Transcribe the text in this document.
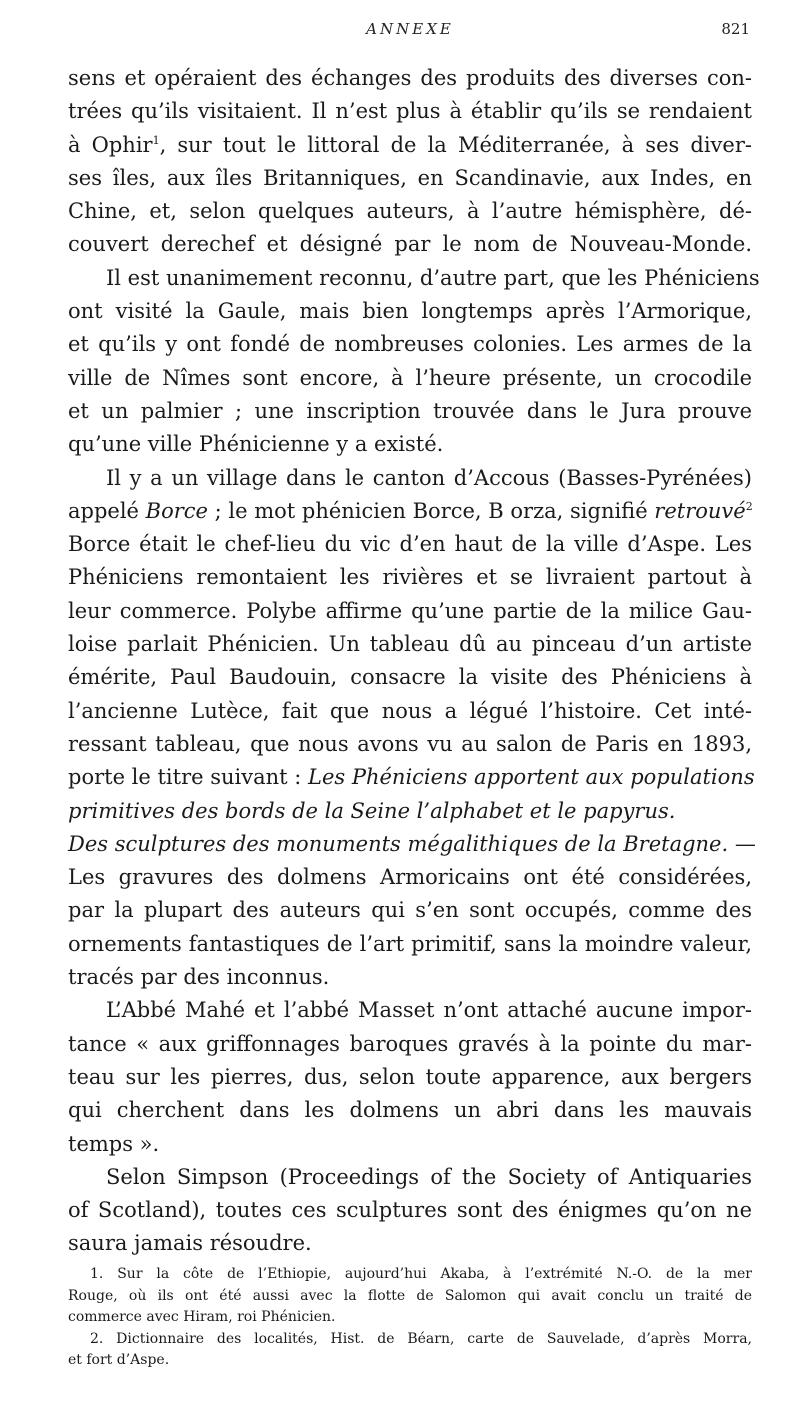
ANNEXE	821
sens et opéraient des échanges des produits des diverses con-
trées qu’ils visitaient. Il n’est plus à établir qu’ils se rendaient
à Ophir$^1$, sur tout le littoral de la Méditerranée, à ses diver-
ses îles, aux îles Britanniques, en Scandinavie, aux Indes, en
Chine, et, selon quelques auteurs, à l’autre hémisphère, dé-
couvert derechef et désigné par le nom de Nouveau-Monde.
Il est unanimement reconnu, d’autre part, que les Phéniciens
ont visité la Gaule, mais bien longtemps après l’Armorique,
et qu’ils y ont fondé de nombreuses colonies. Les armes de la
ville de Nîmes sont encore, à l’heure présente, un crocodile
et un palmier ; une inscription trouvée dans le Jura prouve
qu’une ville Phénicienne y a existé.
Il y a un village dans le canton d’Accous (Basses-Pyrénées)
appelé Borce ; le mot phénicien Borce, B orza, signifié retrouvé$^2$
Borce était le chef-lieu du vic d’en haut de la ville d’Aspe. Les
Phéniciens remontaient les rivières et se livraient partout à
leur commerce. Polybe affirme qu’une partie de la milice Gau-
loise parlait Phénicien. Un tableau dû au pinceau d’un artiste
émérite, Paul Baudouin, consacre la visite des Phéniciens à
l’ancienne Lutèce, fait que nous a légué l’histoire. Cet inté-
ressant tableau, que nous avons vu au salon de Paris en 1893,
porte le titre suivant : Les Phéniciens apportent aux populations
primitives des bords de la Seine l’alphabet et le papyrus.
Des sculptures des monuments mégalithiques de la Bretagne. —
Les gravures des dolmens Armoricains ont été considérées,
par la plupart des auteurs qui s’en sont occupés, comme des
ornements fantastiques de l’art primitif, sans la moindre valeur,
tracés par des inconnus.
L’Abbé Mahé et l’abbé Masset n’ont attaché aucune impor-
tance « aux griffonnages baroques gravés à la pointe du mar-
teau sur les pierres, dus, selon toute apparence, aux bergers
qui cherchent dans les dolmens un abri dans les mauvais
temps ».
Selon Simpson (Proceedings of the Society of Antiquaries
of Scotland), toutes ces sculptures sont des énigmes qu’on ne
saura jamais résoudre.
1. Sur la côte de l’Ethiopie, aujourd’hui Akaba, à l’extrémité N.-O. de la mer
Rouge, où ils ont été aussi avec la flotte de Salomon qui avait conclu un traité de
commerce avec Hiram, roi Phénicien.
2. Dictionnaire des localités, Hist. de Béarn, carte de Sauvelade, d’après Morra,
et fort d’Aspe.
